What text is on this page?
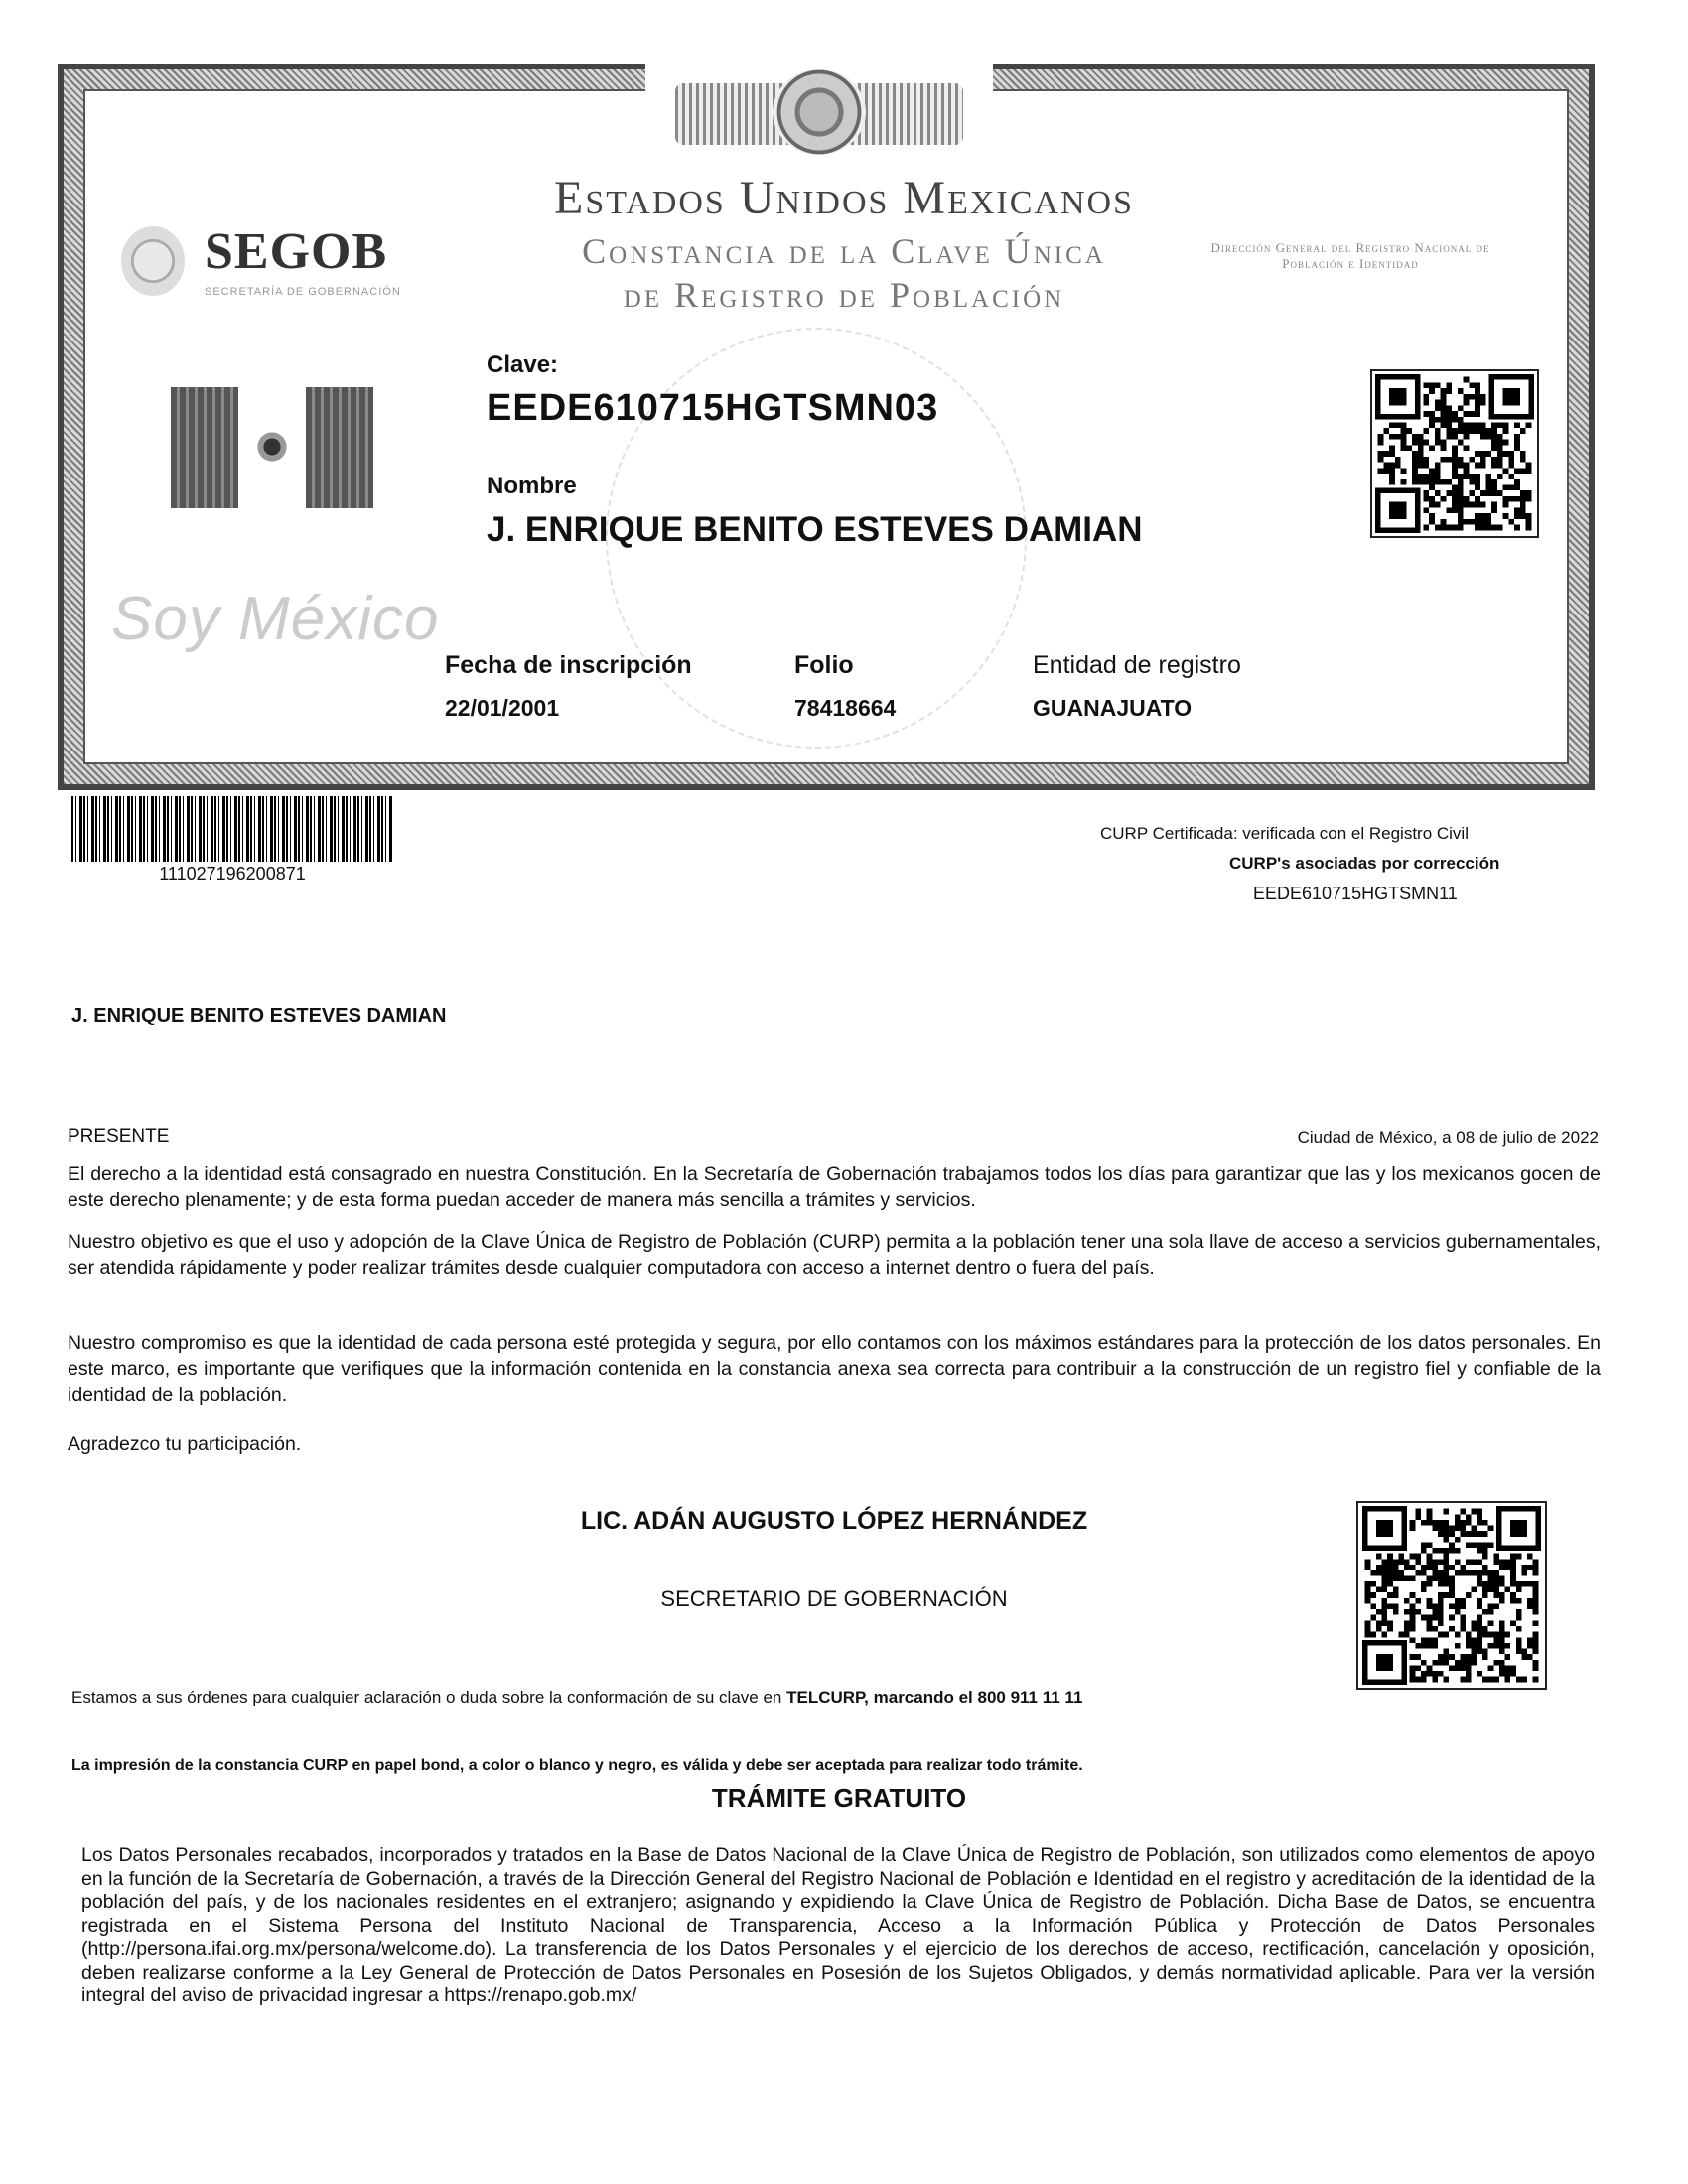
Estados Unidos Mexicanos
Constancia de la Clave Única
de Registro de Población
SEGOB
SECRETARÍA DE GOBERNACIÓN
Dirección General del Registro Nacional de Población e Identidad
Soy México
Clave:
EEDE610715HGTSMN03
Nombre
J. ENRIQUE BENITO ESTEVES DAMIAN
Fecha de inscripción
22/01/2001
Folio
78418664
Entidad de registro
GUANAJUATO
111027196200871
CURP Certificada: verificada con el Registro Civil
CURP's asociadas por corrección
EEDE610715HGTSMN11
J. ENRIQUE BENITO ESTEVES DAMIAN
PRESENTE	Ciudad de México, a 08 de julio de 2022
El derecho a la identidad está consagrado en nuestra Constitución. En la Secretaría de Gobernación trabajamos todos los días para garantizar que las y los mexicanos gocen de este derecho plenamente; y de esta forma puedan acceder de manera más sencilla a trámites y servicios.
Nuestro objetivo es que el uso y adopción de la Clave Única de Registro de Población (CURP) permita a la población tener una sola llave de acceso a servicios gubernamentales, ser atendida rápidamente y poder realizar trámites desde cualquier computadora con acceso a internet dentro o fuera del país.
Nuestro compromiso es que la identidad de cada persona esté protegida y segura, por ello contamos con los máximos estándares para la protección de los datos personales. En este marco, es importante que verifiques que la información contenida en la constancia anexa sea correcta para contribuir a la construcción de un registro fiel y confiable de la identidad de la población.
Agradezco tu participación.
LIC. ADÁN AUGUSTO LÓPEZ HERNÁNDEZ
SECRETARIO DE GOBERNACIÓN
Estamos a sus órdenes para cualquier aclaración o duda sobre la conformación de su clave en TELCURP, marcando el 800 911 11 11
La impresión de la constancia CURP en papel bond, a color o blanco y negro, es válida y debe ser aceptada para realizar todo trámite.
TRÁMITE GRATUITO
Los Datos Personales recabados, incorporados y tratados en la Base de Datos Nacional de la Clave Única de Registro de Población, son utilizados como elementos de apoyo en la función de la Secretaría de Gobernación, a través de la Dirección General del Registro Nacional de Población e Identidad en el registro y acreditación de la identidad de la población del país, y de los nacionales residentes en el extranjero; asignando y expidiendo la Clave Única de Registro de Población. Dicha Base de Datos, se encuentra registrada en el Sistema Persona del Instituto Nacional de Transparencia, Acceso a la Información Pública y Protección de Datos Personales (http://persona.ifai.org.mx/persona/welcome.do). La transferencia de los Datos Personales y el ejercicio de los derechos de acceso, rectificación, cancelación y oposición, deben realizarse conforme a la Ley General de Protección de Datos Personales en Posesión de los Sujetos Obligados, y demás normatividad aplicable. Para ver la versión integral del aviso de privacidad ingresar a https://renapo.gob.mx/
